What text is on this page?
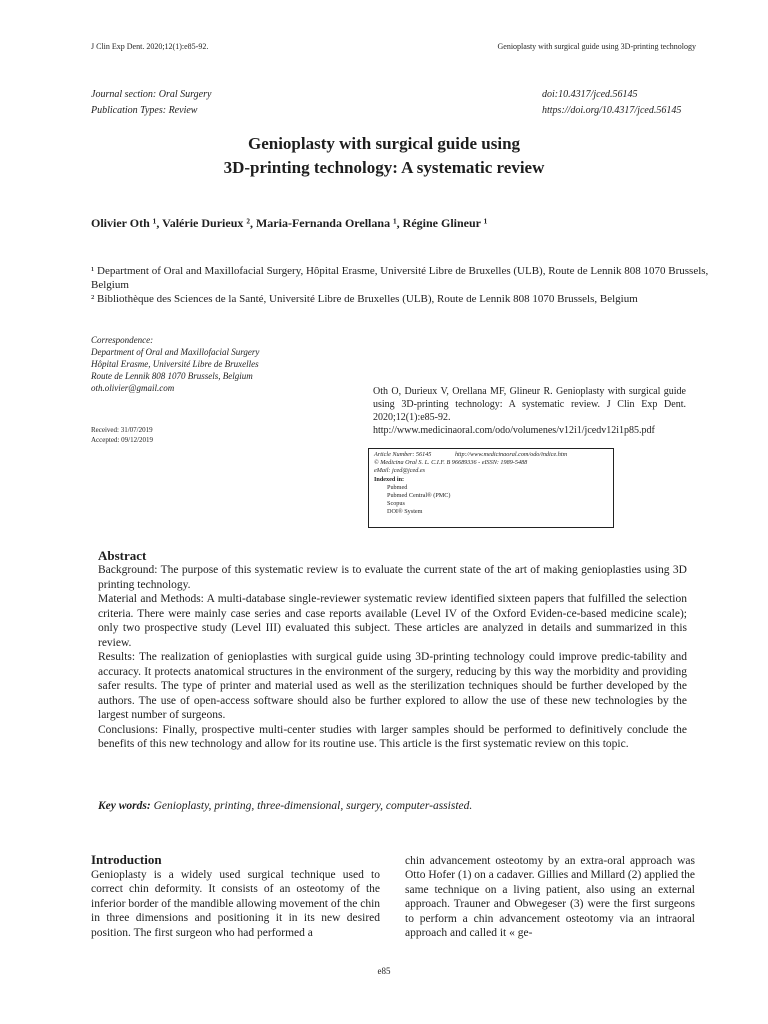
J Clin Exp Dent. 2020;12(1):e85-92.	Genioplasty with surgical guide using 3D-printing technology
Journal section: Oral Surgery
Publication Types: Review
doi:10.4317/jced.56145
https://doi.org/10.4317/jced.56145
Genioplasty with surgical guide using
3D-printing technology: A systematic review
Olivier Oth ¹, Valérie Durieux ², Maria-Fernanda Orellana ¹, Régine Glineur ¹
¹ Department of Oral and Maxillofacial Surgery, Hôpital Erasme, Université Libre de Bruxelles (ULB), Route de Lennik 808 1070 Brussels, Belgium
² Bibliothèque des Sciences de la Santé, Université Libre de Bruxelles (ULB), Route de Lennik 808 1070 Brussels, Belgium
Correspondence:
Department of Oral and Maxillofacial Surgery
Hôpital Erasme, Université Libre de Bruxelles
Route de Lennik 808 1070 Brussels, Belgium
oth.olivier@gmail.com
Received: 31/07/2019
Accepted: 09/12/2019
Oth O, Durieux V, Orellana MF, Glineur R. Genioplasty with surgical guide using 3D-printing technology: A systematic review. J Clin Exp Dent. 2020;12(1):e85-92.
http://www.medicinaoral.com/odo/volumenes/v12i1/jcedv12i1p85.pdf
Article Number: 56145	http://www.medicinaoral.com/odo/indice.htm
© Medicina Oral S. L. C.I.F. B 96689336 - eISSN: 1989-5488
eMail: jced@jced.es
Indexed in:
Pubmed
Pubmed Central® (PMC)
Scopus
DOI® System
Abstract

Background: The purpose of this systematic review is to evaluate the current state of the art of making genioplasties using 3D printing technology.

Material and Methods: A multi-database single-reviewer systematic review identified sixteen papers that fulfilled the selection criteria. There were mainly case series and case reports available (Level IV of the Oxford Eviden-ce-based medicine scale); only two prospective study (Level III) evaluated this subject. These articles are analyzed in details and summarized in this review.

Results: The realization of genioplasties with surgical guide using 3D-printing technology could improve predic-tability and accuracy. It protects anatomical structures in the environment of the surgery, reducing by this way the morbidity and providing safer results. The type of printer and material used as well as the sterilization techniques should be further developed by the authors. The use of open-access software should also be further explored to allow the use of these new technologies by the largest number of surgeons.

Conclusions: Finally, prospective multi-center studies with larger samples should be performed to definitively conclude the benefits of this new technology and allow for its routine use. This article is the first systematic review on this topic.

Key words: Genioplasty, printing, three-dimensional, surgery, computer-assisted.
Introduction

Genioplasty is a widely used surgical technique used to correct chin deformity. It consists of an osteotomy of the inferior border of the mandible allowing movement of the chin in three dimensions and positioning it in its new desired position. The first surgeon who had performed a

chin advancement osteotomy by an extra-oral approach was Otto Hofer (1) on a cadaver. Gillies and Millard (2) applied the same technique on a living patient, also using an external approach. Trauner and Obwegeser (3) were the first surgeons to perform a chin advancement osteotomy via an intraoral approach and called it « ge-

e85
